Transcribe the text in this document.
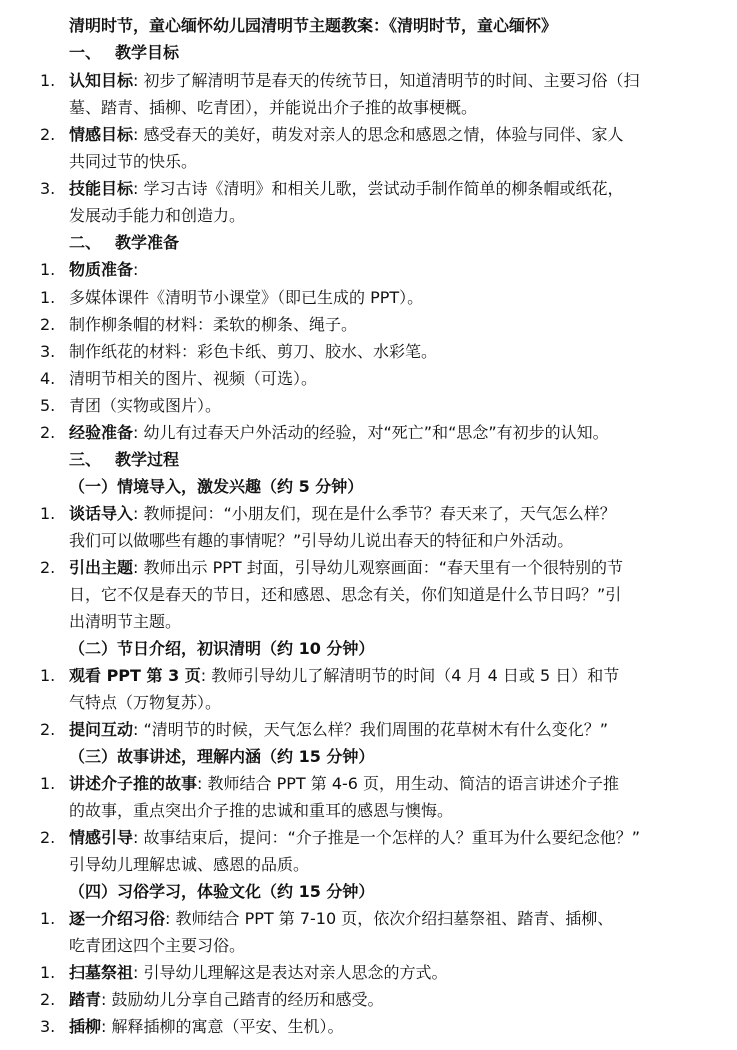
清明时节，童心缅怀幼儿园清明节主题教案：《清明时节，童心缅怀》
一、 教学目标
1. 认知目标: 初步了解清明节是春天的传统节日，知道清明节的时间、主要习俗（扫
墓、踏青、插柳、吃青团），并能说出介子推的故事梗概。
2. 情感目标: 感受春天的美好，萌发对亲人的思念和感恩之情，体验与同伴、家人
共同过节的快乐。
3. 技能目标: 学习古诗《清明》和相关儿歌，尝试动手制作简单的柳条帽或纸花，
发展动手能力和创造力。
二、 教学准备
1. 物质准备:
1. 多媒体课件《清明节小课堂》（即已生成的 PPT）。
2. 制作柳条帽的材料：柔软的柳条、绳子。
3. 制作纸花的材料：彩色卡纸、剪刀、胶水、水彩笔。
4. 清明节相关的图片、视频（可选）。
5. 青团（实物或图片）。
2. 经验准备: 幼儿有过春天户外活动的经验，对“死亡”和“思念”有初步的认知。
三、 教学过程
（一）情境导入，激发兴趣（约 5 分钟）
1. 谈话导入: 教师提问：“小朋友们，现在是什么季节？春天来了，天气怎么样？
我们可以做哪些有趣的事情呢？”引导幼儿说出春天的特征和户外活动。
2. 引出主题: 教师出示 PPT 封面，引导幼儿观察画面：“春天里有一个很特别的节
日，它不仅是春天的节日，还和感恩、思念有关，你们知道是什么节日吗？”引
出清明节主题。
（二）节日介绍，初识清明（约 10 分钟）
1. 观看 PPT 第 3 页: 教师引导幼儿了解清明节的时间（4 月 4 日或 5 日）和节
气特点（万物复苏）。
2. 提问互动: “清明节的时候，天气怎么样？我们周围的花草树木有什么变化？”
（三）故事讲述，理解内涵（约 15 分钟）
1. 讲述介子推的故事: 教师结合 PPT 第 4-6 页，用生动、简洁的语言讲述介子推
的故事，重点突出介子推的忠诚和重耳的感恩与懊悔。
2. 情感引导: 故事结束后，提问：“介子推是一个怎样的人？重耳为什么要纪念他？”
引导幼儿理解忠诚、感恩的品质。
（四）习俗学习，体验文化（约 15 分钟）
1. 逐一介绍习俗: 教师结合 PPT 第 7-10 页，依次介绍扫墓祭祖、踏青、插柳、
吃青团这四个主要习俗。
1. 扫墓祭祖: 引导幼儿理解这是表达对亲人思念的方式。
2. 踏青: 鼓励幼儿分享自己踏青的经历和感受。
3. 插柳: 解释插柳的寓意（平安、生机）。
